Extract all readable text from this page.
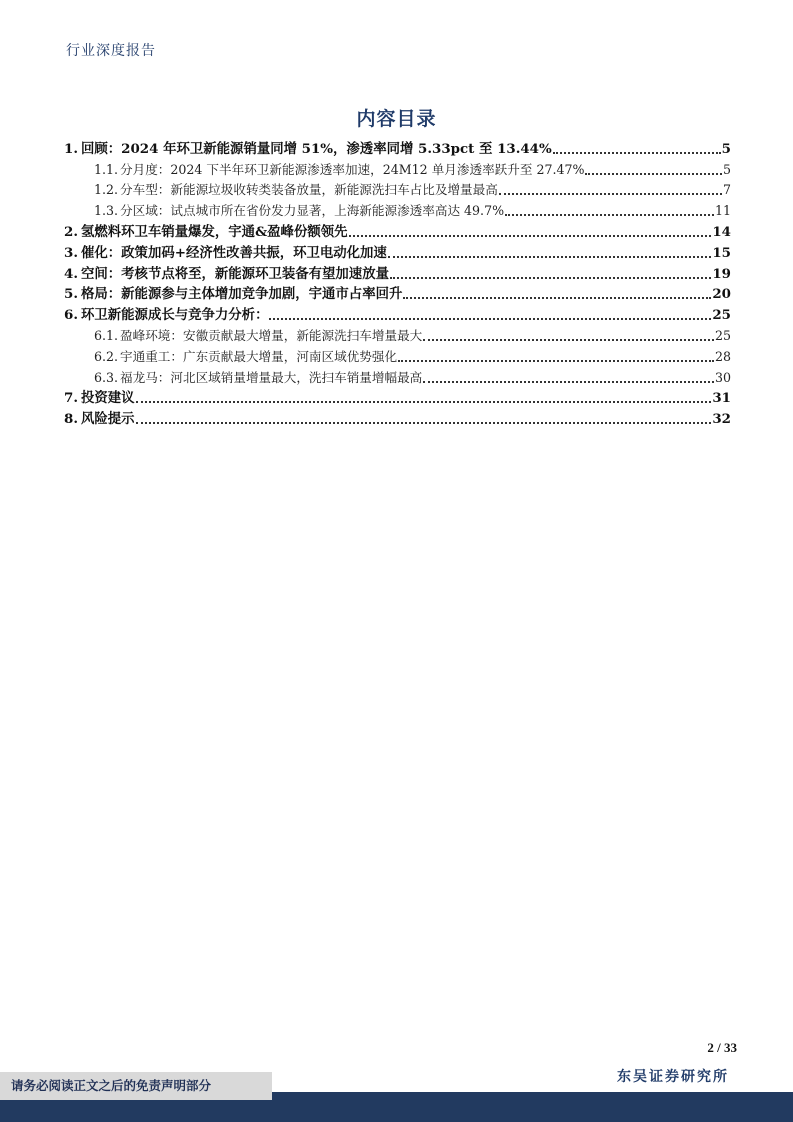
行业深度报告
内容目录
1. 回顾：2024 年环卫新能源销量同增 51%，渗透率同增 5.33pct 至 13.44%	5
1.1. 分月度：2024 下半年环卫新能源渗透率加速，24M12 单月渗透率跃升至 27.47%	5
1.2. 分车型：新能源垃圾收转类装备放量，新能源洗扫车占比及增量最高	7
1.3. 分区域：试点城市所在省份发力显著，上海新能源渗透率高达 49.7%	11
2. 氢燃料环卫车销量爆发，宇通&盈峰份额领先	14
3. 催化：政策加码+经济性改善共振，环卫电动化加速	15
4. 空间：考核节点将至，新能源环卫装备有望加速放量	19
5. 格局：新能源参与主体增加竞争加剧，宇通市占率回升	20
6. 环卫新能源成长与竞争力分析：	25
6.1. 盈峰环境：安徽贡献最大增量，新能源洗扫车增量最大	25
6.2. 宇通重工：广东贡献最大增量，河南区域优势强化	28
6.3. 福龙马：河北区域销量增量最大，洗扫车销量增幅最高	30
7. 投资建议	31
8. 风险提示	32
2 / 33
东吴证券研究所
请务必阅读正文之后的免责声明部分
